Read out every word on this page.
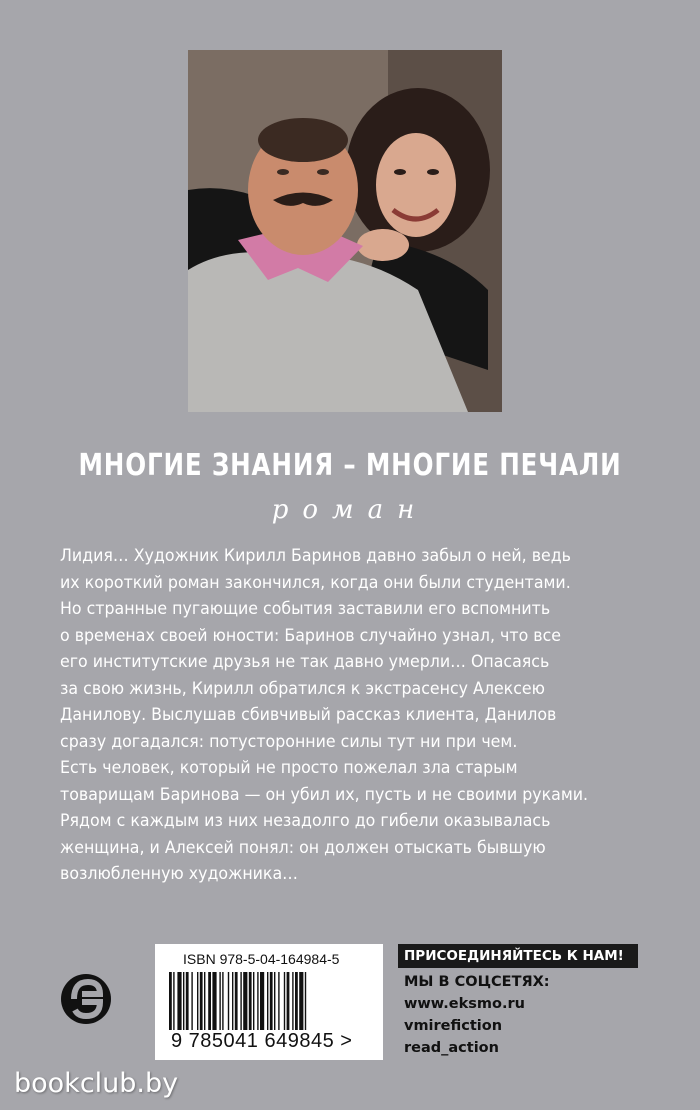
МНОГИЕ ЗНАНИЯ – МНОГИЕ ПЕЧАЛИ
роман
Лидия… Художник Кирилл Баринов давно забыл о ней, ведь
их короткий роман закончился, когда они были студентами.
Но странные пугающие события заставили его вспомнить
о временах своей юности: Баринов случайно узнал, что все
его институтские друзья не так давно умерли… Опасаясь
за свою жизнь, Кирилл обратился к экстрасенсу Алексею
Данилову. Выслушав сбивчивый рассказ клиента, Данилов
сразу догадался: потусторонние силы тут ни при чем.
Есть человек, который не просто пожелал зла старым
товарищам Баринова — он убил их, пусть и не своими руками.
Рядом с каждым из них незадолго до гибели оказывалась
женщина, и Алексей понял: он должен отыскать бывшую
возлюбленную художника…
ISBN 978-5-04-164984-5
9 785041 649845 >
ПРИСОЕДИНЯЙТЕСЬ К НАМ!
МЫ В СОЦСЕТЯХ:
www.eksmo.ru
vmirefiction
read_action
bookclub.by
